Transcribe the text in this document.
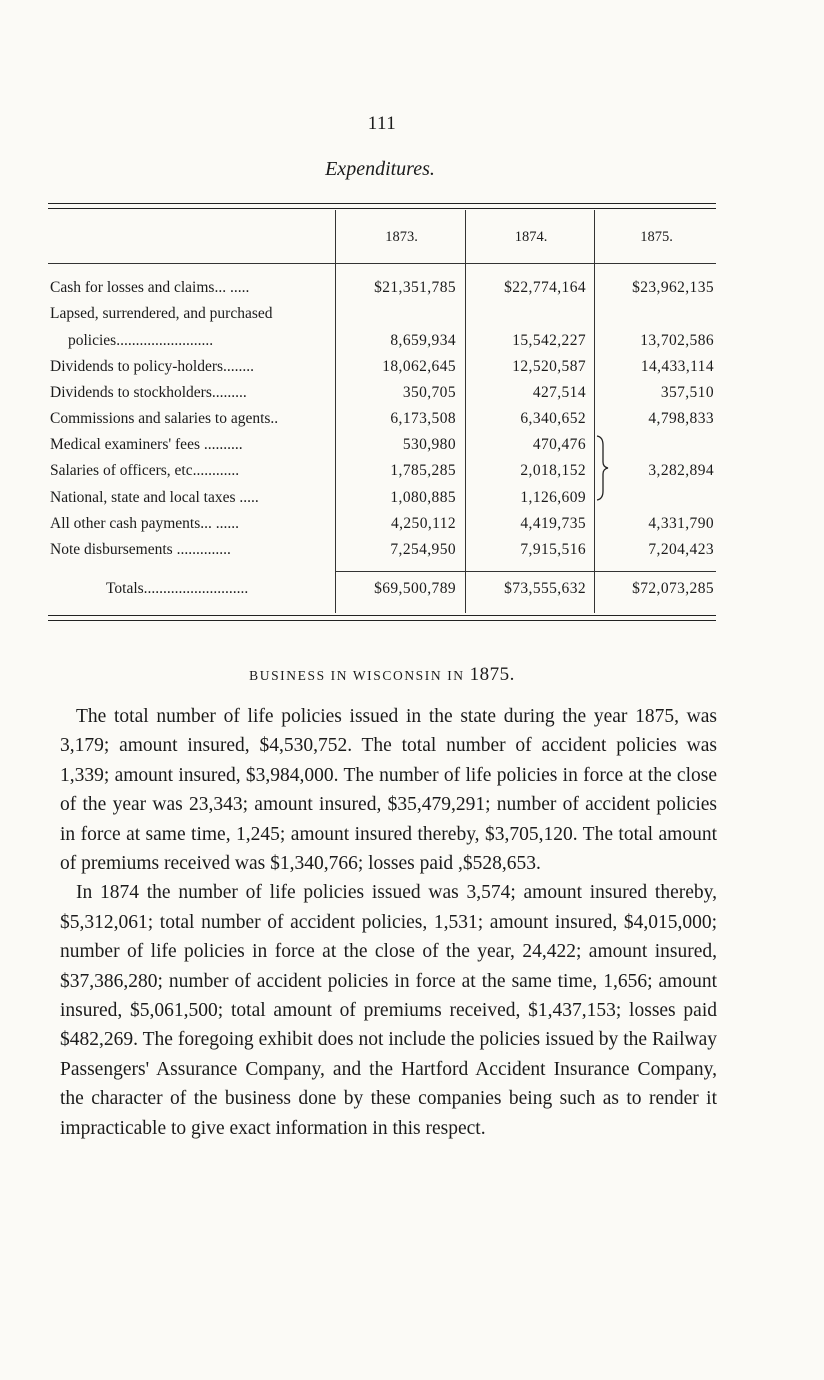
111
Expenditures.
1873.	1874.	1875.
Cash for losses and claims... .....	$21,351,785	$22,774,164	$23,962,135
Lapsed, surrendered, and purchased
policies.........................	8,659,934	15,542,227	13,702,586
Dividends to policy-holders........	18,062,645	12,520,587	14,433,114
Dividends to stockholders.........	350,705	427,514	357,510
Commissions and salaries to agents..	6,173,508	6,340,652	4,798,833
Medical examiners' fees ..........	530,980	470,476
Salaries of officers, etc............	1,785,285	2,018,152	3,282,894
National, state and local taxes .....	1,080,885	1,126,609
All other cash payments... ......	4,250,112	4,419,735	4,331,790
Note disbursements ..............	7,254,950	7,915,516	7,204,423
Totals...........................	$69,500,789	$73,555,632	$72,073,285
BUSINESS IN WISCONSIN IN 1875.

The total number of life policies issued in the state during the year 1875, was 3,179; amount insured, $4,530,752. The total number of accident policies was 1,339; amount insured, $3,984,000. The number of life policies in force at the close of the year was 23,343; amount insured, $35,479,291; number of accident policies in force at same time, 1,245; amount insured thereby, $3,705,120. The total amount of premiums received was $1,340,766; losses paid ,$528,653.

In 1874 the number of life policies issued was 3,574; amount insured thereby, $5,312,061; total number of accident policies, 1,531; amount insured, $4,015,000; number of life policies in force at the close of the year, 24,422; amount insured, $37,386,280; number of accident policies in force at the same time, 1,656; amount insured, $5,061,500; total amount of premiums received, $1,437,153; losses paid $482,269. The foregoing exhibit does not include the policies issued by the Railway Passengers' Assurance Company, and the Hartford Accident Insurance Company, the character of the business done by these companies being such as to render it impracticable to give exact information in this respect.
